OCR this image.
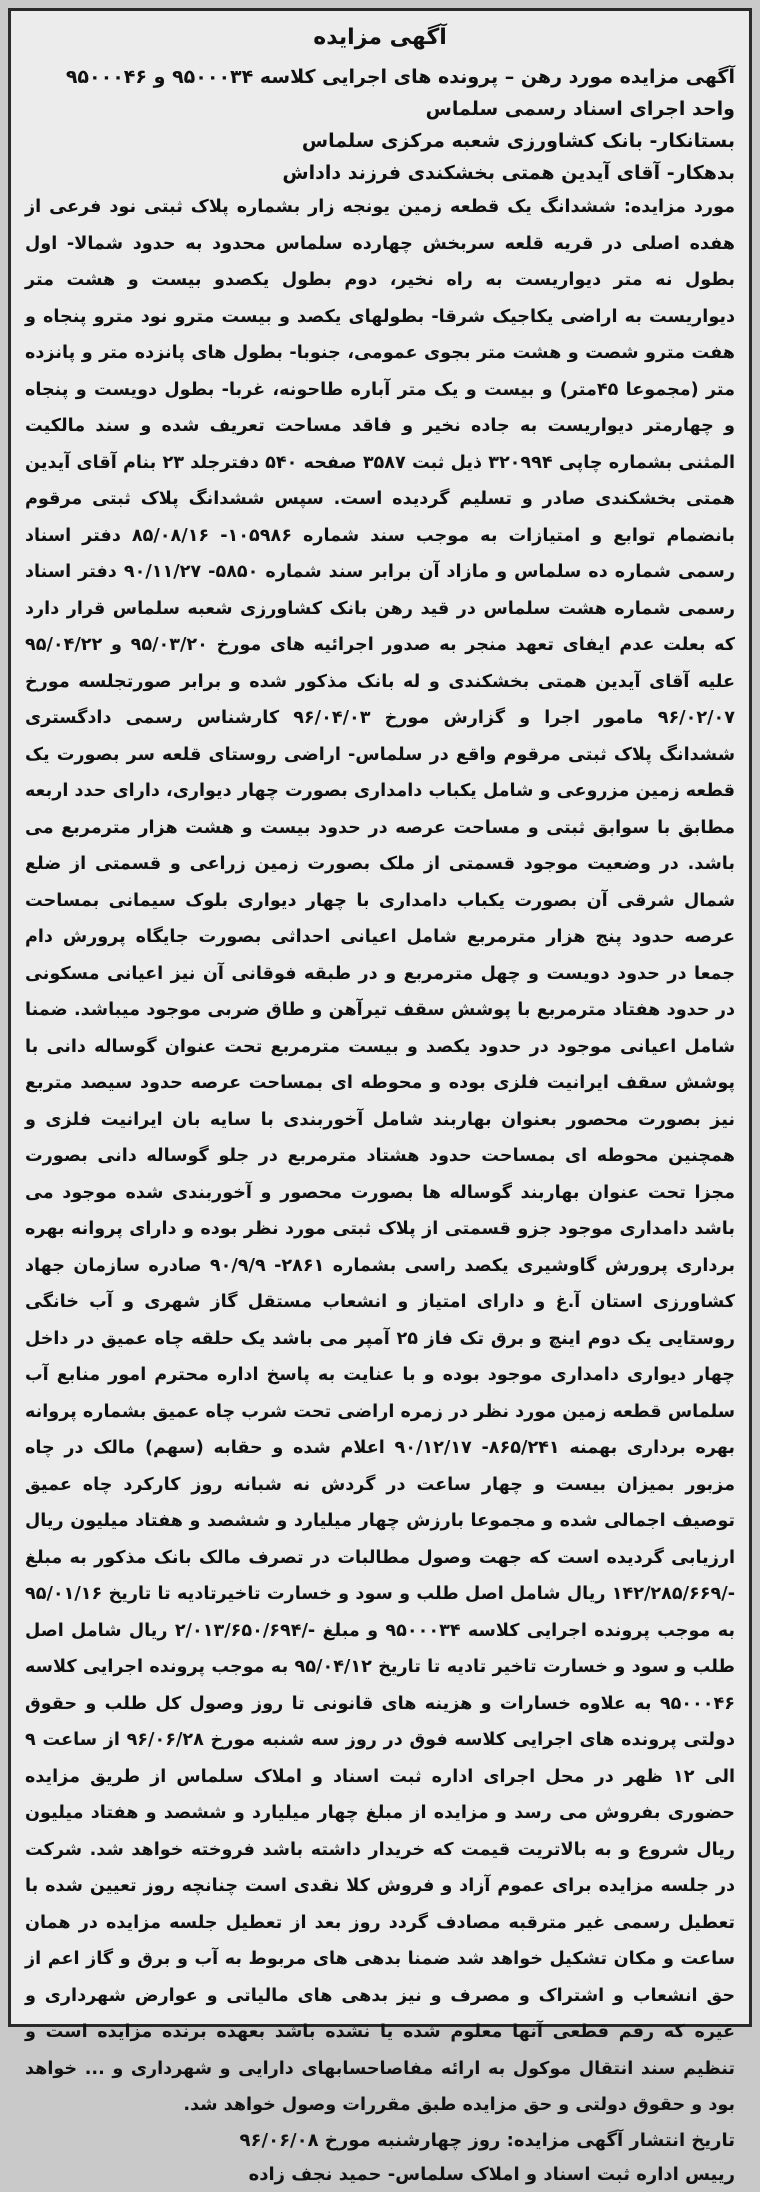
آگهی مزایده

آگهی مزایده مورد رهن – پرونده های اجرایی کلاسه ۹۵۰۰۰۳۴ و ۹۵۰۰۰۴۶ واحد اجرای اسناد رسمی سلماس

بستانکار- بانک کشاورزی شعبه مرکزی سلماس

بدهکار- آقای آیدین همتی بخشکندی فرزند داداش

مورد مزایده: ششدانگ یک قطعه زمین یونجه زار بشماره پلاک ثبتی نود فرعی از هفده اصلی در قریه قلعه سربخش چهارده سلماس محدود به حدود شمالا- اول بطول نه متر دیواریست به راه نخیر، دوم بطول یکصدو بیست و هشت متر دیواریست به اراضی یکاجیک شرقا- بطولهای یکصد و بیست مترو نود مترو پنجاه و هفت مترو شصت و هشت متر بجوی عمومی، جنوبا- بطول های پانزده متر و پانزده متر (مجموعا ۴۵متر) و بیست و یک متر آباره طاحونه، غربا- بطول دویست و پنجاه و چهارمتر دیواریست به جاده نخیر و فاقد مساحت تعریف شده و سند مالکیت المثنی بشماره چاپی ۳۲۰۹۹۴ ذیل ثبت ۳۵۸۷ صفحه ۵۴۰ دفترجلد ۲۳ بنام آقای آیدین همتی بخشکندی صادر و تسلیم گردیده است. سپس ششدانگ پلاک ثبتی مرقوم بانضمام توابع و امتیازات به موجب سند شماره ۱۰۵۹۸۶- ۸۵/۰۸/۱۶ دفتر اسناد رسمی شماره ده سلماس و مازاد آن برابر سند شماره ۵۸۵۰- ۹۰/۱۱/۲۷ دفتر اسناد رسمی شماره هشت سلماس در قید رهن بانک کشاورزی شعبه سلماس قرار دارد که بعلت عدم ایفای تعهد منجر به صدور اجرائیه های مورخ ۹۵/۰۳/۲۰ و ۹۵/۰۴/۲۲ علیه آقای آیدین همتی بخشکندی و له بانک مذکور شده و برابر صورتجلسه مورخ ۹۶/۰۲/۰۷ مامور اجرا و گزارش مورخ ۹۶/۰۴/۰۳ کارشناس رسمی دادگستری ششدانگ پلاک ثبتی مرقوم واقع در سلماس- اراضی روستای قلعه سر بصورت یک قطعه زمین مزروعی و شامل یکباب دامداری بصورت چهار دیواری، دارای حدد اربعه مطابق با سوابق ثبتی و مساحت عرصه در حدود بیست و هشت هزار مترمربع می باشد. در وضعیت موجود قسمتی از ملک بصورت زمین زراعی و قسمتی از ضلع شمال شرقی آن بصورت یکباب دامداری با چهار دیواری بلوک سیمانی بمساحت عرصه حدود پنج هزار مترمربع شامل اعیانی احداثی بصورت جایگاه پرورش دام جمعا در حدود دویست و چهل مترمربع و در طبقه فوقانی آن نیز اعیانی مسکونی در حدود هفتاد مترمربع با پوشش سقف تیرآهن و طاق ضربی موجود میباشد. ضمنا شامل اعیانی موجود در حدود یکصد و بیست مترمربع تحت عنوان گوساله دانی با پوشش سقف ایرانیت فلزی بوده و محوطه ای بمساحت عرصه حدود سیصد متربع نیز بصورت محصور بعنوان بهاربند شامل آخوربندی با سایه بان ایرانیت فلزی و همچنین محوطه ای بمساحت حدود هشتاد مترمربع در جلو گوساله دانی بصورت مجزا تحت عنوان بهاربند گوساله ها بصورت محصور و آخوربندی شده موجود می باشد دامداری موجود جزو قسمتی از پلاک ثبتی مورد نظر بوده و دارای پروانه بهره برداری پرورش گاوشیری یکصد راسی بشماره ۲۸۶۱- ۹۰/۹/۹ صادره سازمان جهاد کشاورزی استان آ.غ و دارای امتیاز و انشعاب مستقل گاز شهری و آب خانگی روستایی یک دوم اینچ و برق تک فاز ۲۵ آمپر می باشد یک حلقه چاه عمیق در داخل چهار دیواری دامداری موجود بوده و با عنایت به پاسخ اداره محترم امور منابع آب سلماس قطعه زمین مورد نظر در زمره اراضی تحت شرب چاه عمیق بشماره پروانه بهره برداری بهمنه ۸۶۵/۲۴۱- ۹۰/۱۲/۱۷ اعلام شده و حقابه (سهم) مالک در چاه مزبور بمیزان بیست و چهار ساعت در گردش نه شبانه روز کارکرد چاه عمیق توصیف اجمالی شده و مجموعا بارزش چهار میلیارد و ششصد و هفتاد میلیون ریال ارزیابی گردیده است که جهت وصول مطالبات در تصرف مالک بانک مذکور به مبلغ -/۱۴۲/۲۸۵/۶۶۹ ریال شامل اصل طلب و سود و خسارت تاخیرتادیه تا تاریخ ۹۵/۰۱/۱۶ به موجب پرونده اجرایی کلاسه ۹۵۰۰۰۳۴ و مبلغ -/۲/۰۱۳/۶۵۰/۶۹۴ ریال شامل اصل طلب و سود و خسارت تاخیر تادیه تا تاریخ ۹۵/۰۴/۱۲ به موجب پرونده اجرایی کلاسه ۹۵۰۰۰۴۶ به علاوه خسارات و هزینه های قانونی تا روز وصول کل طلب و حقوق دولتی پرونده های اجرایی کلاسه فوق در روز سه شنبه مورخ ۹۶/۰۶/۲۸ از ساعت ۹ الی ۱۲ ظهر در محل اجرای اداره ثبت اسناد و املاک سلماس از طریق مزایده حضوری بفروش می رسد و مزایده از مبلغ چهار میلیارد و ششصد و هفتاد میلیون ریال شروع و به بالاتریت قیمت که خریدار داشته باشد فروخته خواهد شد. شرکت در جلسه مزایده برای عموم آزاد و فروش کلا نقدی است چنانچه روز تعیین شده با تعطیل رسمی غیر مترقبه مصادف گردد روز بعد از تعطیل جلسه مزایده در همان ساعت و مکان تشکیل خواهد شد ضمنا بدهی های مربوط به آب و برق و گاز اعم از حق انشعاب و اشتراک و مصرف و نیز بدهی های مالیاتی و عوارض شهرداری و غیره که رقم قطعی آنها معلوم شده یا نشده باشد بعهده برنده مزایده است و تنظیم سند انتقال موکول به ارائه مفاصاحسابهای دارایی و شهرداری و ... خواهد بود و حقوق دولتی و حق مزایده طبق مقررات وصول خواهد شد.

تاریخ انتشار آگهی مزایده: روز چهارشنبه مورخ ۹۶/۰۶/۰۸

رییس اداره ثبت اسناد و املاک سلماس- حمید نجف زاده
